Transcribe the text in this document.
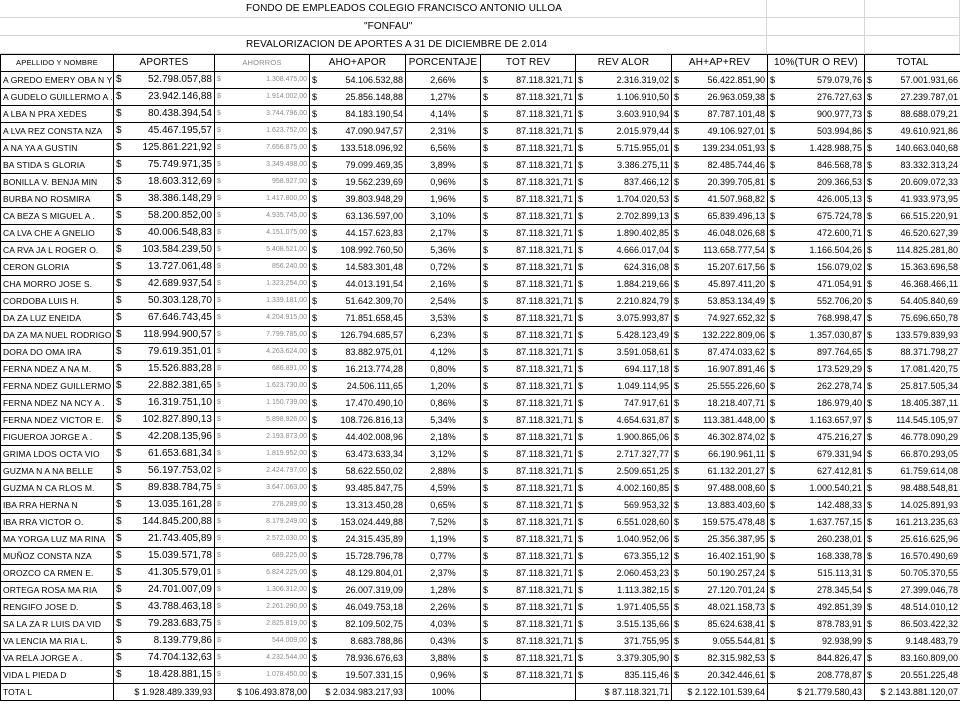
FONDO DE EMPLEADOS COLEGIO FRANCISCO ANTONIO ULLOA
"FONFAU"
REVALORIZACION DE APORTES A 31 DE DICIEMBRE DE 2.014
APELLIDO Y NOMBRE	APORTES	AHORROS	AHO+APOR	PORCENTAJE	TOT REV	REV ALOR	AH+AP+REV	10%(TUR O REV)	TOTAL
A GREDO EMERY OBA N Y	$ 52.798.057,88	$ 1.308.475,00	$ 54.106.532,88	2,66%	$ 87.118.321,71	$ 2.316.319,02	$ 56.422.851,90	$ 579.079,76	$ 57.001.931,66
A GUDELO GUILLERMO A .	$ 23.942.146,88	$ 1.914.002,00	$ 25.856.148,88	1,27%	$ 87.118.321,71	$ 1.106.910,50	$ 26.963.059,38	$ 276.727,63	$ 27.239.787,01
A LBA N PRA XEDES	$ 80.438.394,54	$ 3.744.796,00	$ 84.183.190,54	4,14%	$ 87.118.321,71	$ 3.603.910,94	$ 87.787.101,48	$ 900.977,73	$ 88.688.079,21
A LVA REZ CONSTA NZA	$ 45.467.195,57	$ 1.623.752,00	$ 47.090.947,57	2,31%	$ 87.118.321,71	$ 2.015.979,44	$ 49.106.927,01	$ 503.994,86	$ 49.610.921,86
A NA YA A GUSTIN	$ 125.861.221,92	$ 7.656.875,00	$ 133.518.096,92	6,56%	$ 87.118.321,71	$ 5.715.955,01	$ 139.234.051,93	$ 1.428.988,75	$ 140.663.040,68
BA STIDA S GLORIA	$ 75.749.971,35	$ 3.349.498,00	$ 79.099.469,35	3,89%	$ 87.118.321,71	$ 3.386.275,11	$ 82.485.744,46	$ 846.568,78	$ 83.332.313,24
BONILLA V. BENJA MIN	$ 18.603.312,69	$ 958.927,00	$ 19.562.239,69	0,96%	$ 87.118.321,71	$ 837.466,12	$ 20.399.705,81	$ 209.366,53	$ 20.609.072,33
BURBA NO ROSMIRA	$ 38.386.148,29	$ 1.417.800,00	$ 39.803.948,29	1,96%	$ 87.118.321,71	$ 1.704.020,53	$ 41.507.968,82	$ 426.005,13	$ 41.933.973,95
CA BEZA S MIGUEL A .	$ 58.200.852,00	$ 4.935.745,00	$ 63.136.597,00	3,10%	$ 87.118.321,71	$ 2.702.899,13	$ 65.839.496,13	$ 675.724,78	$ 66.515.220,91
CA LVA CHE A GNELIO	$ 40.006.548,83	$ 4.151.075,00	$ 44.157.623,83	2,17%	$ 87.118.321,71	$ 1.890.402,85	$ 46.048.026,68	$ 472.600,71	$ 46.520.627,39
CA RVA JA L ROGER O.	$ 103.584.239,50	$ 5.408.521,00	$ 108.992.760,50	5,36%	$ 87.118.321,71	$ 4.666.017,04	$ 113.658.777,54	$ 1.166.504,26	$ 114.825.281,80
CERON GLORIA	$ 13.727.061,48	$ 856.240,00	$ 14.583.301,48	0,72%	$ 87.118.321,71	$ 624.316,08	$ 15.207.617,56	$ 156.079,02	$ 15.363.696,58
CHA MORRO JOSE S.	$ 42.689.937,54	$ 1.323.254,00	$ 44.013.191,54	2,16%	$ 87.118.321,71	$ 1.884.219,66	$ 45.897.411,20	$ 471.054,91	$ 46.368.466,11
CORDOBA LUIS H.	$ 50.303.128,70	$ 1.339.181,00	$ 51.642.309,70	2,54%	$ 87.118.321,71	$ 2.210.824,79	$ 53.853.134,49	$ 552.706,20	$ 54.405.840,69
DA ZA LUZ ENEIDA	$ 67.646.743,45	$ 4.204.915,00	$ 71.851.658,45	3,53%	$ 87.118.321,71	$ 3.075.993,87	$ 74.927.652,32	$ 768.998,47	$ 75.696.650,78
DA ZA MA NUEL RODRIGO	$ 118.994.900,57	$ 7.799.785,00	$ 126.794.685,57	6,23%	$ 87.118.321,71	$ 5.428.123,49	$ 132.222.809,06	$ 1.357.030,87	$ 133.579.839,93
DORA DO OMA IRA	$ 79.619.351,01	$ 4.263.624,00	$ 83.882.975,01	4,12%	$ 87.118.321,71	$ 3.591.058,61	$ 87.474.033,62	$ 897.764,65	$ 88.371.798,27
FERNA NDEZ A NA M.	$ 15.526.883,28	$ 686.891,00	$ 16.213.774,28	0,80%	$ 87.118.321,71	$ 694.117,18	$ 16.907.891,46	$ 173.529,29	$ 17.081.420,75
FERNA NDEZ GUILLERMO	$ 22.882.381,65	$ 1.623.730,00	$ 24.506.111,65	1,20%	$ 87.118.321,71	$ 1.049.114,95	$ 25.555.226,60	$ 262.278,74	$ 25.817.505,34
FERNA NDEZ NA NCY A .	$ 16.319.751,10	$ 1.150.739,00	$ 17.470.490,10	0,86%	$ 87.118.321,71	$ 747.917,61	$ 18.218.407,71	$ 186.979,40	$ 18.405.387,11
FERNA NDEZ VICTOR E.	$ 102.827.890,13	$ 5.898.926,00	$ 108.726.816,13	5,34%	$ 87.118.321,71	$ 4.654.631,87	$ 113.381.448,00	$ 1.163.657,97	$ 114.545.105,97
FIGUEROA JORGE A .	$ 42.208.135,96	$ 2.193.873,00	$ 44.402.008,96	2,18%	$ 87.118.321,71	$ 1.900.865,06	$ 46.302.874,02	$ 475.216,27	$ 46.778.090,29
GRIMA LDOS OCTA VIO	$ 61.653.681,34	$ 1.819.952,00	$ 63.473.633,34	3,12%	$ 87.118.321,71	$ 2.717.327,77	$ 66.190.961,11	$ 679.331,94	$ 66.870.293,05
GUZMA N A NA BELLE	$ 56.197.753,02	$ 2.424.797,00	$ 58.622.550,02	2,88%	$ 87.118.321,71	$ 2.509.651,25	$ 61.132.201,27	$ 627.412,81	$ 61.759.614,08
GUZMA N CA RLOS M.	$ 89.838.784,75	$ 3.647.063,00	$ 93.485.847,75	4,59%	$ 87.118.321,71	$ 4.002.160,85	$ 97.488.008,60	$ 1.000.540,21	$ 98.488.548,81
IBA RRA HERNA N	$ 13.035.161,28	$ 278.289,00	$ 13.313.450,28	0,65%	$ 87.118.321,71	$ 569.953,32	$ 13.883.403,60	$ 142.488,33	$ 14.025.891,93
IBA RRA VICTOR O.	$ 144.845.200,88	$ 8.179.249,00	$ 153.024.449,88	7,52%	$ 87.118.321,71	$ 6.551.028,60	$ 159.575.478,48	$ 1.637.757,15	$ 161.213.235,63
MA YORGA LUZ MA RINA	$ 21.743.405,89	$ 2.572.030,00	$ 24.315.435,89	1,19%	$ 87.118.321,71	$ 1.040.952,06	$ 25.356.387,95	$ 260.238,01	$ 25.616.625,96
MUÑOZ CONSTA NZA	$ 15.039.571,78	$ 689.225,00	$ 15.728.796,78	0,77%	$ 87.118.321,71	$ 673.355,12	$ 16.402.151,90	$ 168.338,78	$ 16.570.490,69
OROZCO CA RMEN E.	$ 41.305.579,01	$ 6.824.225,00	$ 48.129.804,01	2,37%	$ 87.118.321,71	$ 2.060.453,23	$ 50.190.257,24	$ 515.113,31	$ 50.705.370,55
ORTEGA ROSA MA RIA	$ 24.701.007,09	$ 1.306.312,00	$ 26.007.319,09	1,28%	$ 87.118.321,71	$ 1.113.382,15	$ 27.120.701,24	$ 278.345,54	$ 27.399.046,78
RENGIFO JOSE D.	$ 43.788.463,18	$ 2.261.290,00	$ 46.049.753,18	2,26%	$ 87.118.321,71	$ 1.971.405,55	$ 48.021.158,73	$ 492.851,39	$ 48.514.010,12
SA LA ZA R LUIS DA VID	$ 79.283.683,75	$ 2.825.819,00	$ 82.109.502,75	4,03%	$ 87.118.321,71	$ 3.515.135,66	$ 85.624.638,41	$ 878.783,91	$ 86.503.422,32
VA LENCIA MA RIA L.	$ 8.139.779,86	$ 544.009,00	$ 8.683.788,86	0,43%	$ 87.118.321,71	$ 371.755,95	$ 9.055.544,81	$ 92.938,99	$ 9.148.483,79
VA RELA JORGE A .	$ 74.704.132,63	$ 4.232.544,00	$ 78.936.676,63	3,88%	$ 87.118.321,71	$ 3.379.305,90	$ 82.315.982,53	$ 844.826,47	$ 83.160.809,00
VIDA L PIEDA D	$ 18.428.881,15	$ 1.078.450,00	$ 19.507.331,15	0,96%	$ 87.118.321,71	$ 835.115,46	$ 20.342.446,61	$ 208.778,87	$ 20.551.225,48
TOTA L	$ 1.928.489.339,93	$ 106.493.878,00	$ 2.034.983.217,93	100%		$ 87.118.321,71	$ 2.122.101.539,64	$ 21.779.580,43	$ 2.143.881.120,07
